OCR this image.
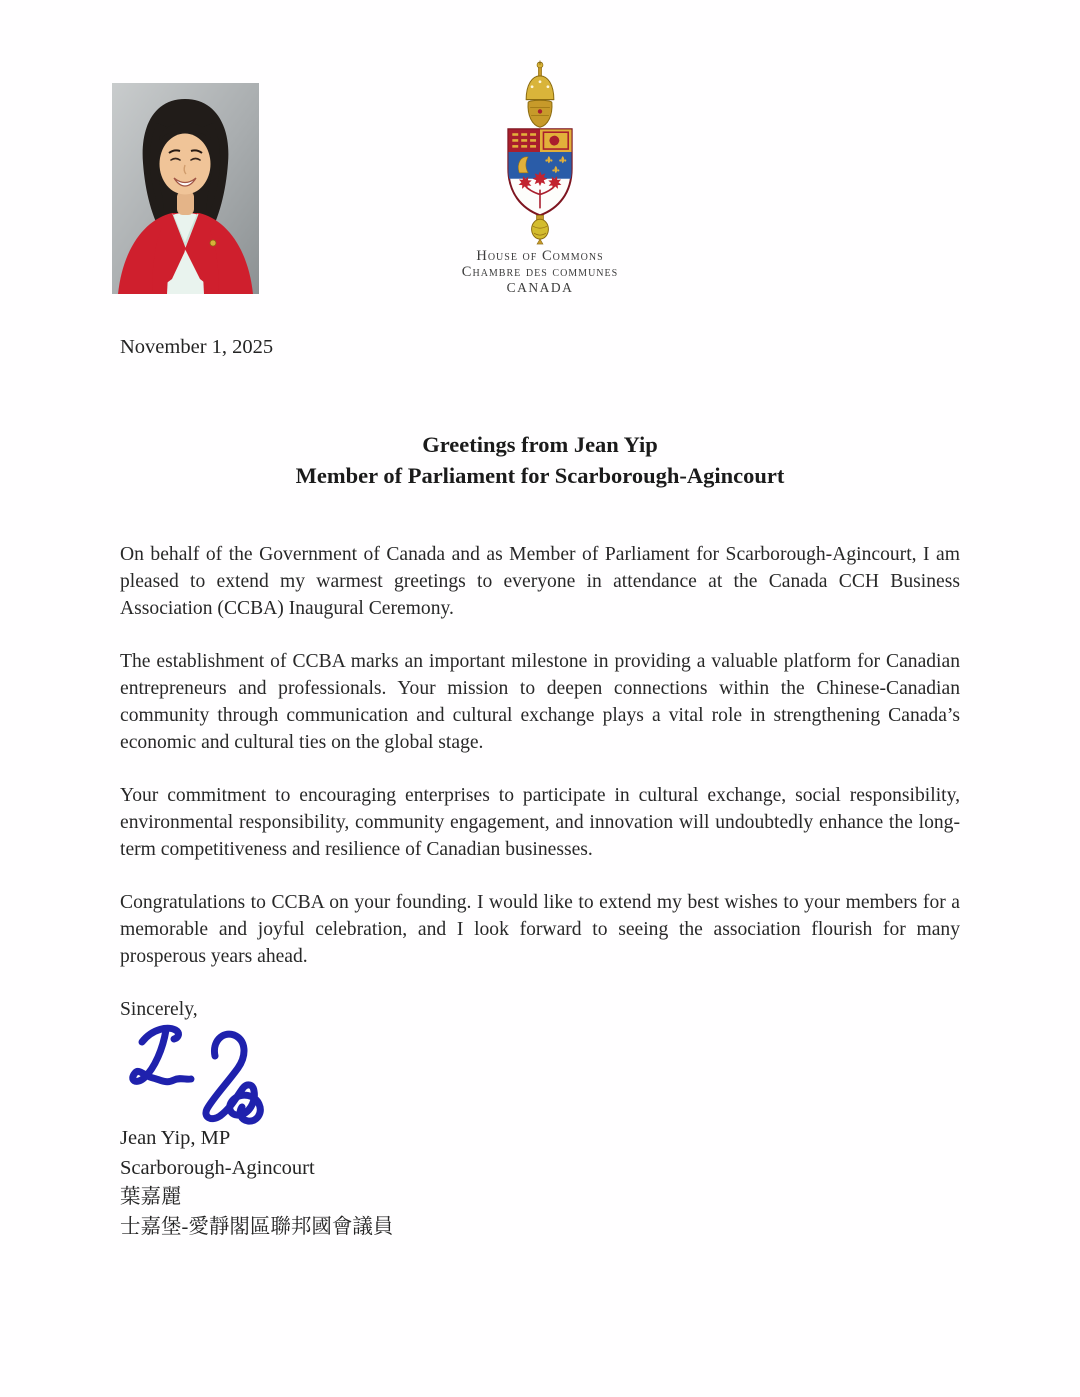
House of Commons
Chambre des communes
CANADA
November 1, 2025
Greetings from Jean Yip
Member of Parliament for Scarborough-Agincourt

On behalf of the Government of Canada and as Member of Parliament for Scarborough-Agincourt, I am pleased to extend my warmest greetings to everyone in attendance at the Canada CCH Business Association (CCBA) Inaugural Ceremony.

The establishment of CCBA marks an important milestone in providing a valuable platform for Canadian entrepreneurs and professionals. Your mission to deepen connections within the Chinese-Canadian community through communication and cultural exchange plays a vital role in strengthening Canada’s economic and cultural ties on the global stage.

Your commitment to encouraging enterprises to participate in cultural exchange, social responsibility, environmental responsibility, community engagement, and innovation will undoubtedly enhance the long-term competitiveness and resilience of Canadian businesses.

Congratulations to CCBA on your founding. I would like to extend my best wishes to your members for a memorable and joyful celebration, and I look forward to seeing the association flourish for many prosperous years ahead.

Sincerely,

Jean Yip, MP
Scarborough-Agincourt
葉嘉麗
士嘉堡-愛靜閣區聯邦國會議員
